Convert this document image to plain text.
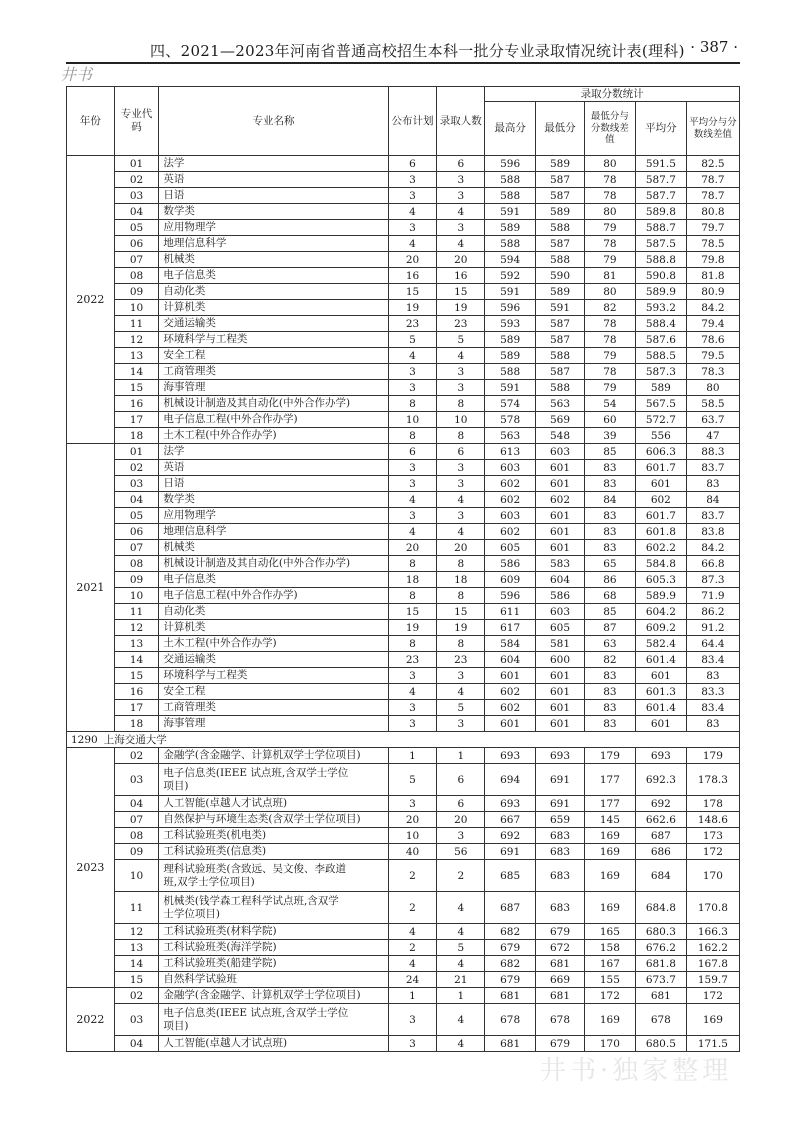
四、2021—2023年河南省普通高校招生本科一批分专业录取情况统计表(理科) · 387 ·
井书
井书·独家整理
年份	专业代码	专业名称	公布计划	录取人数	录取分数统计				
					最高分	最低分	最低分与分数线差值	平均分	平均分与分数线差值
2022	01	法学	6	6	596	589	80	591.5	82.5
	02	英语	3	3	588	587	78	587.7	78.7
	03	日语	3	3	588	587	78	587.7	78.7
	04	数学类	4	4	591	589	80	589.8	80.8
	05	应用物理学	3	3	589	588	79	588.7	79.7
	06	地理信息科学	4	4	588	587	78	587.5	78.5
	07	机械类	20	20	594	588	79	588.8	79.8
	08	电子信息类	16	16	592	590	81	590.8	81.8
	09	自动化类	15	15	591	589	80	589.9	80.9
	10	计算机类	19	19	596	591	82	593.2	84.2
	11	交通运输类	23	23	593	587	78	588.4	79.4
	12	环境科学与工程类	5	5	589	587	78	587.6	78.6
	13	安全工程	4	4	589	588	79	588.5	79.5
	14	工商管理类	3	3	588	587	78	587.3	78.3
	15	海事管理	3	3	591	588	79	589	80
	16	机械设计制造及其自动化(中外合作办学)	8	8	574	563	54	567.5	58.5
	17	电子信息工程(中外合作办学)	10	10	578	569	60	572.7	63.7
	18	土木工程(中外合作办学)	8	8	563	548	39	556	47
2021	01	法学	6	6	613	603	85	606.3	88.3
	02	英语	3	3	603	601	83	601.7	83.7
	03	日语	3	3	602	601	83	601	83
	04	数学类	4	4	602	602	84	602	84
	05	应用物理学	3	3	603	601	83	601.7	83.7
	06	地理信息科学	4	4	602	601	83	601.8	83.8
	07	机械类	20	20	605	601	83	602.2	84.2
	08	机械设计制造及其自动化(中外合作办学)	8	8	586	583	65	584.8	66.8
	09	电子信息类	18	18	609	604	86	605.3	87.3
	10	电子信息工程(中外合作办学)	8	8	596	586	68	589.9	71.9
	11	自动化类	15	15	611	603	85	604.2	86.2
	12	计算机类	19	19	617	605	87	609.2	91.2
	13	土木工程(中外合作办学)	8	8	584	581	63	582.4	64.4
	14	交通运输类	23	23	604	600	82	601.4	83.4
	15	环境科学与工程类	3	3	601	601	83	601	83
	16	安全工程	4	4	602	601	83	601.3	83.3
	17	工商管理类	3	5	602	601	83	601.4	83.4
	18	海事管理	3	3	601	601	83	601	83
1290 上海交通大学									
2023	02	金融学(含金融学、计算机双学士学位项目)	1	1	693	693	179	693	179
	03	电子信息类(IEEE 试点班,含双学士学位
项目)	5	6	694	691	177	692.3	178.3
	04	人工智能(卓越人才试点班)	3	6	693	691	177	692	178
	07	自然保护与环境生态类(含双学士学位项目)	20	20	667	659	145	662.6	148.6
	08	工科试验班类(机电类)	10	3	692	683	169	687	173
	09	工科试验班类(信息类)	40	56	691	683	169	686	172
	10	理科试验班类(含致远、吴文俊、李政道
班,双学士学位项目)	2	2	685	683	169	684	170
	11	机械类(钱学森工程科学试点班,含双学
士学位项目)	2	4	687	683	169	684.8	170.8
	12	工科试验班类(材料学院)	4	4	682	679	165	680.3	166.3
	13	工科试验班类(海洋学院)	2	5	679	672	158	676.2	162.2
	14	工科试验班类(船建学院)	4	4	682	681	167	681.8	167.8
	15	自然科学试验班	24	21	679	669	155	673.7	159.7
2022	02	金融学(含金融学、计算机双学士学位项目)	1	1	681	681	172	681	172
	03	电子信息类(IEEE 试点班,含双学士学位
项目)	3	4	678	678	169	678	169
	04	人工智能(卓越人才试点班)	3	4	681	679	170	680.5	171.5
